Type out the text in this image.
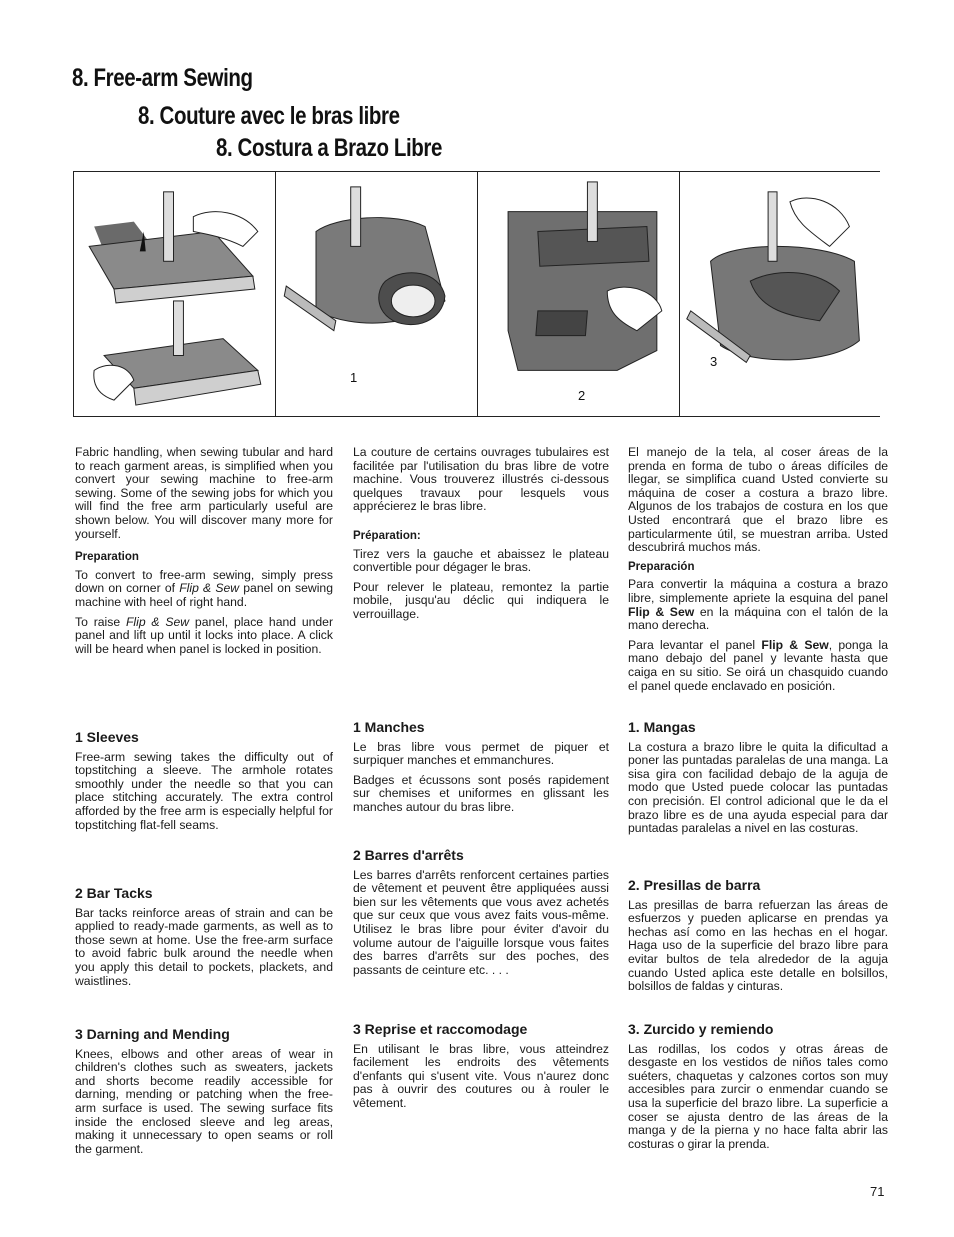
8. Free-arm Sewing
8. Couture avec le bras libre
8. Costura a Brazo Libre
1
2
3

Fabric handling, when sewing tubular and hard to reach garment areas, is simplified when you convert your sewing machine to free-arm sewing. Some of the sewing jobs for which you will find the free arm particularly useful are shown below. You will discover many more for yourself.

Preparation

To convert to free-arm sewing, simply press down on corner of Flip & Sew panel on sewing machine with heel of right hand.

To raise Flip & Sew panel, place hand under panel and lift up until it locks into place. A click will be heard when panel is locked in position.

1 Sleeves

Free-arm sewing takes the difficulty out of topstitching a sleeve. The armhole rotates smoothly under the needle so that you can place stitching accurately. The extra control afforded by the free arm is especially helpful for topstitching flat-fell seams.

2 Bar Tacks

Bar tacks reinforce areas of strain and can be applied to ready-made garments, as well as to those sewn at home. Use the free-arm surface to avoid fabric bulk around the needle when you apply this detail to pockets, plackets, and waistlines.

3 Darning and Mending

Knees, elbows and other areas of wear in children's clothes such as sweaters, jackets and shorts become readily accessible for darning, mending or patching when the free-arm surface is used. The sewing surface fits inside the enclosed sleeve and leg areas, making it unnecessary to open seams or roll the garment.

La couture de certains ouvrages tubulaires est facilitée par l'utilisation du bras libre de votre machine. Vous trouverez illustrés ci-dessous quelques travaux pour lesquels vous apprécierez le bras libre.

Préparation:

Tirez vers la gauche et abaissez le plateau convertible pour dégager le bras.

Pour relever le plateau, remontez la partie mobile, jusqu'au déclic qui indiquera le verrouillage.

1 Manches

Le bras libre vous permet de piquer et surpiquer manches et emmanchures.

Badges et écussons sont posés rapidement sur chemises et uniformes en glissant les manches autour du bras libre.

2 Barres d'arrêts

Les barres d'arrêts renforcent certaines parties de vêtement et peuvent être appliquées aussi bien sur les vêtements que vous avez achetés que sur ceux que vous avez faits vous-même. Utilisez le bras libre pour éviter d'avoir du volume autour de l'aiguille lorsque vous faites des barres d'arrêts sur des poches, des passants de ceinture etc. . . .

3 Reprise et raccomodage

En utilisant le bras libre, vous atteindrez facilement les endroits des vêtements d'enfants qui s'usent vite. Vous n'aurez donc pas à ouvrir des coutures ou à rouler le vêtement.

El manejo de la tela, al coser áreas de la prenda en forma de tubo o áreas difíciles de llegar, se simplifica cuand Usted convierte su máquina de coser a costura a brazo libre. Algunos de los trabajos de costura en los que Usted encontrará que el brazo libre es particularmente útil, se muestran arriba. Usted descubrirá muchos más.

Preparación

Para convertir la máquina a costura a brazo libre, simplemente apriete la esquina del panel Flip & Sew en la máquina con el talón de la mano derecha.

Para levantar el panel Flip & Sew, ponga la mano debajo del panel y levante hasta que caiga en su sitio. Se oirá un chasquido cuando el panel quede enclavado en posición.

1. Mangas

La costura a brazo libre le quita la dificultad a poner las puntadas paralelas de una manga. La sisa gira con facilidad debajo de la aguja de modo que Usted puede colocar las puntadas con precisión. El control adicional que le da el brazo libre es de una ayuda especial para dar puntadas paralelas a nivel en las costuras.

2. Presillas de barra

Las presillas de barra refuerzan las áreas de esfuerzos y pueden aplicarse en prendas ya hechas así como en las hechas en el hogar. Haga uso de la superficie del brazo libre para evitar bultos de tela alrededor de la aguja cuando Usted aplica este detalle en bolsillos, bolsillos de faldas y cinturas.

3. Zurcido y remiendo

Las rodillas, los codos y otras áreas de desgaste en los vestidos de niños tales como suéters, chaquetas y calzones cortos son muy accesibles para zurcir o enmendar cuando se usa la superficie del brazo libre. La superficie a coser se ajusta dentro de las áreas de la manga y de la pierna y no hace falta abrir las costuras o girar la prenda.

71
